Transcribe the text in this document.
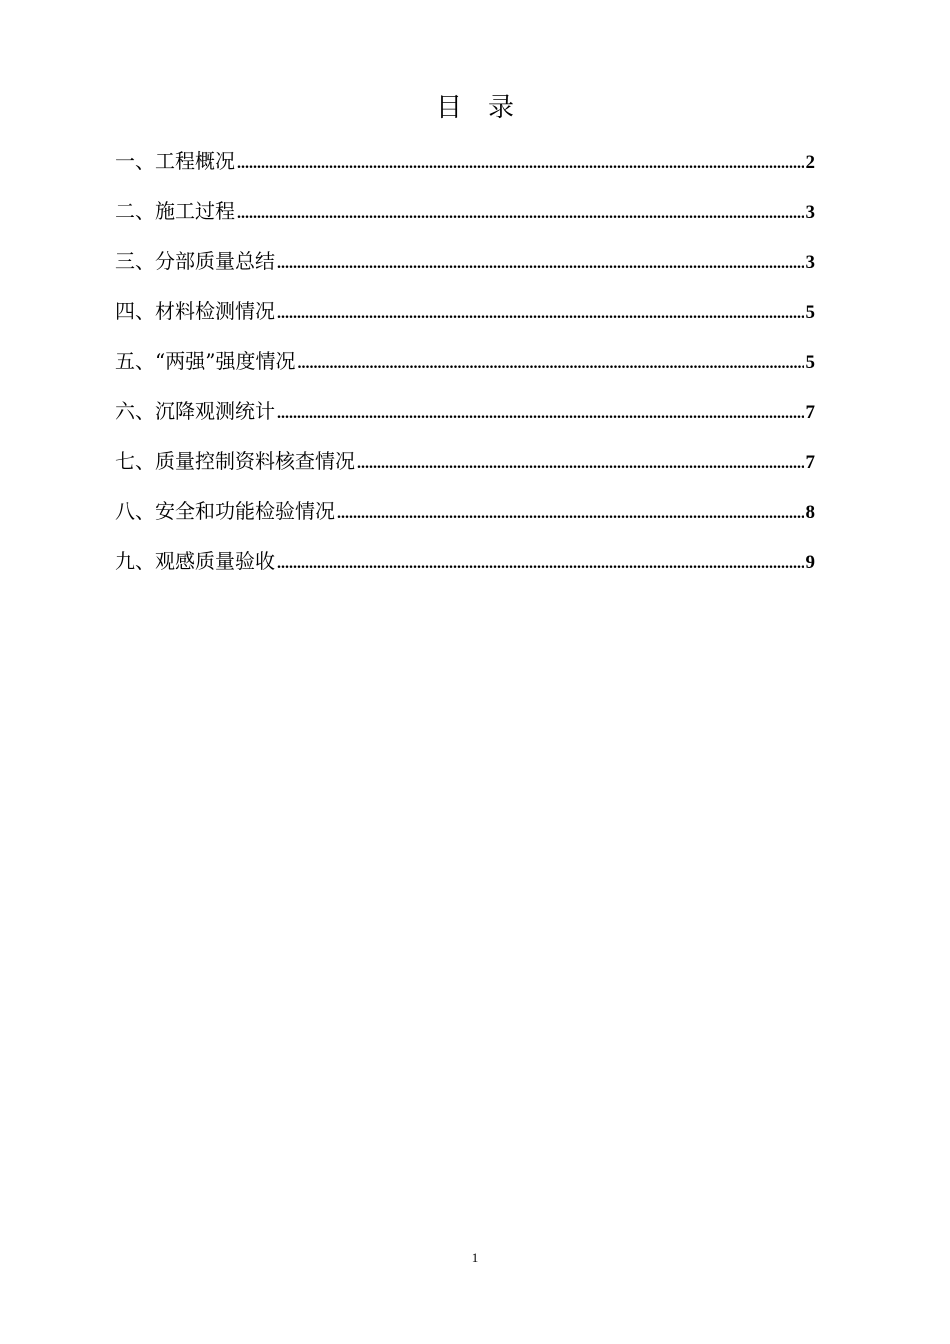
目录
一、工程概况 .....	2
二、施工过程 .....	3
三、分部质量总结 .....	3
四、材料检测情况 .....	5
五、“两强”强度情况 .....	5
六、沉降观测统计 .....	7
七、质量控制资料核查情况 .....	7
八、安全和功能检验情况 .....	8
九、观感质量验收 .....	9
1
